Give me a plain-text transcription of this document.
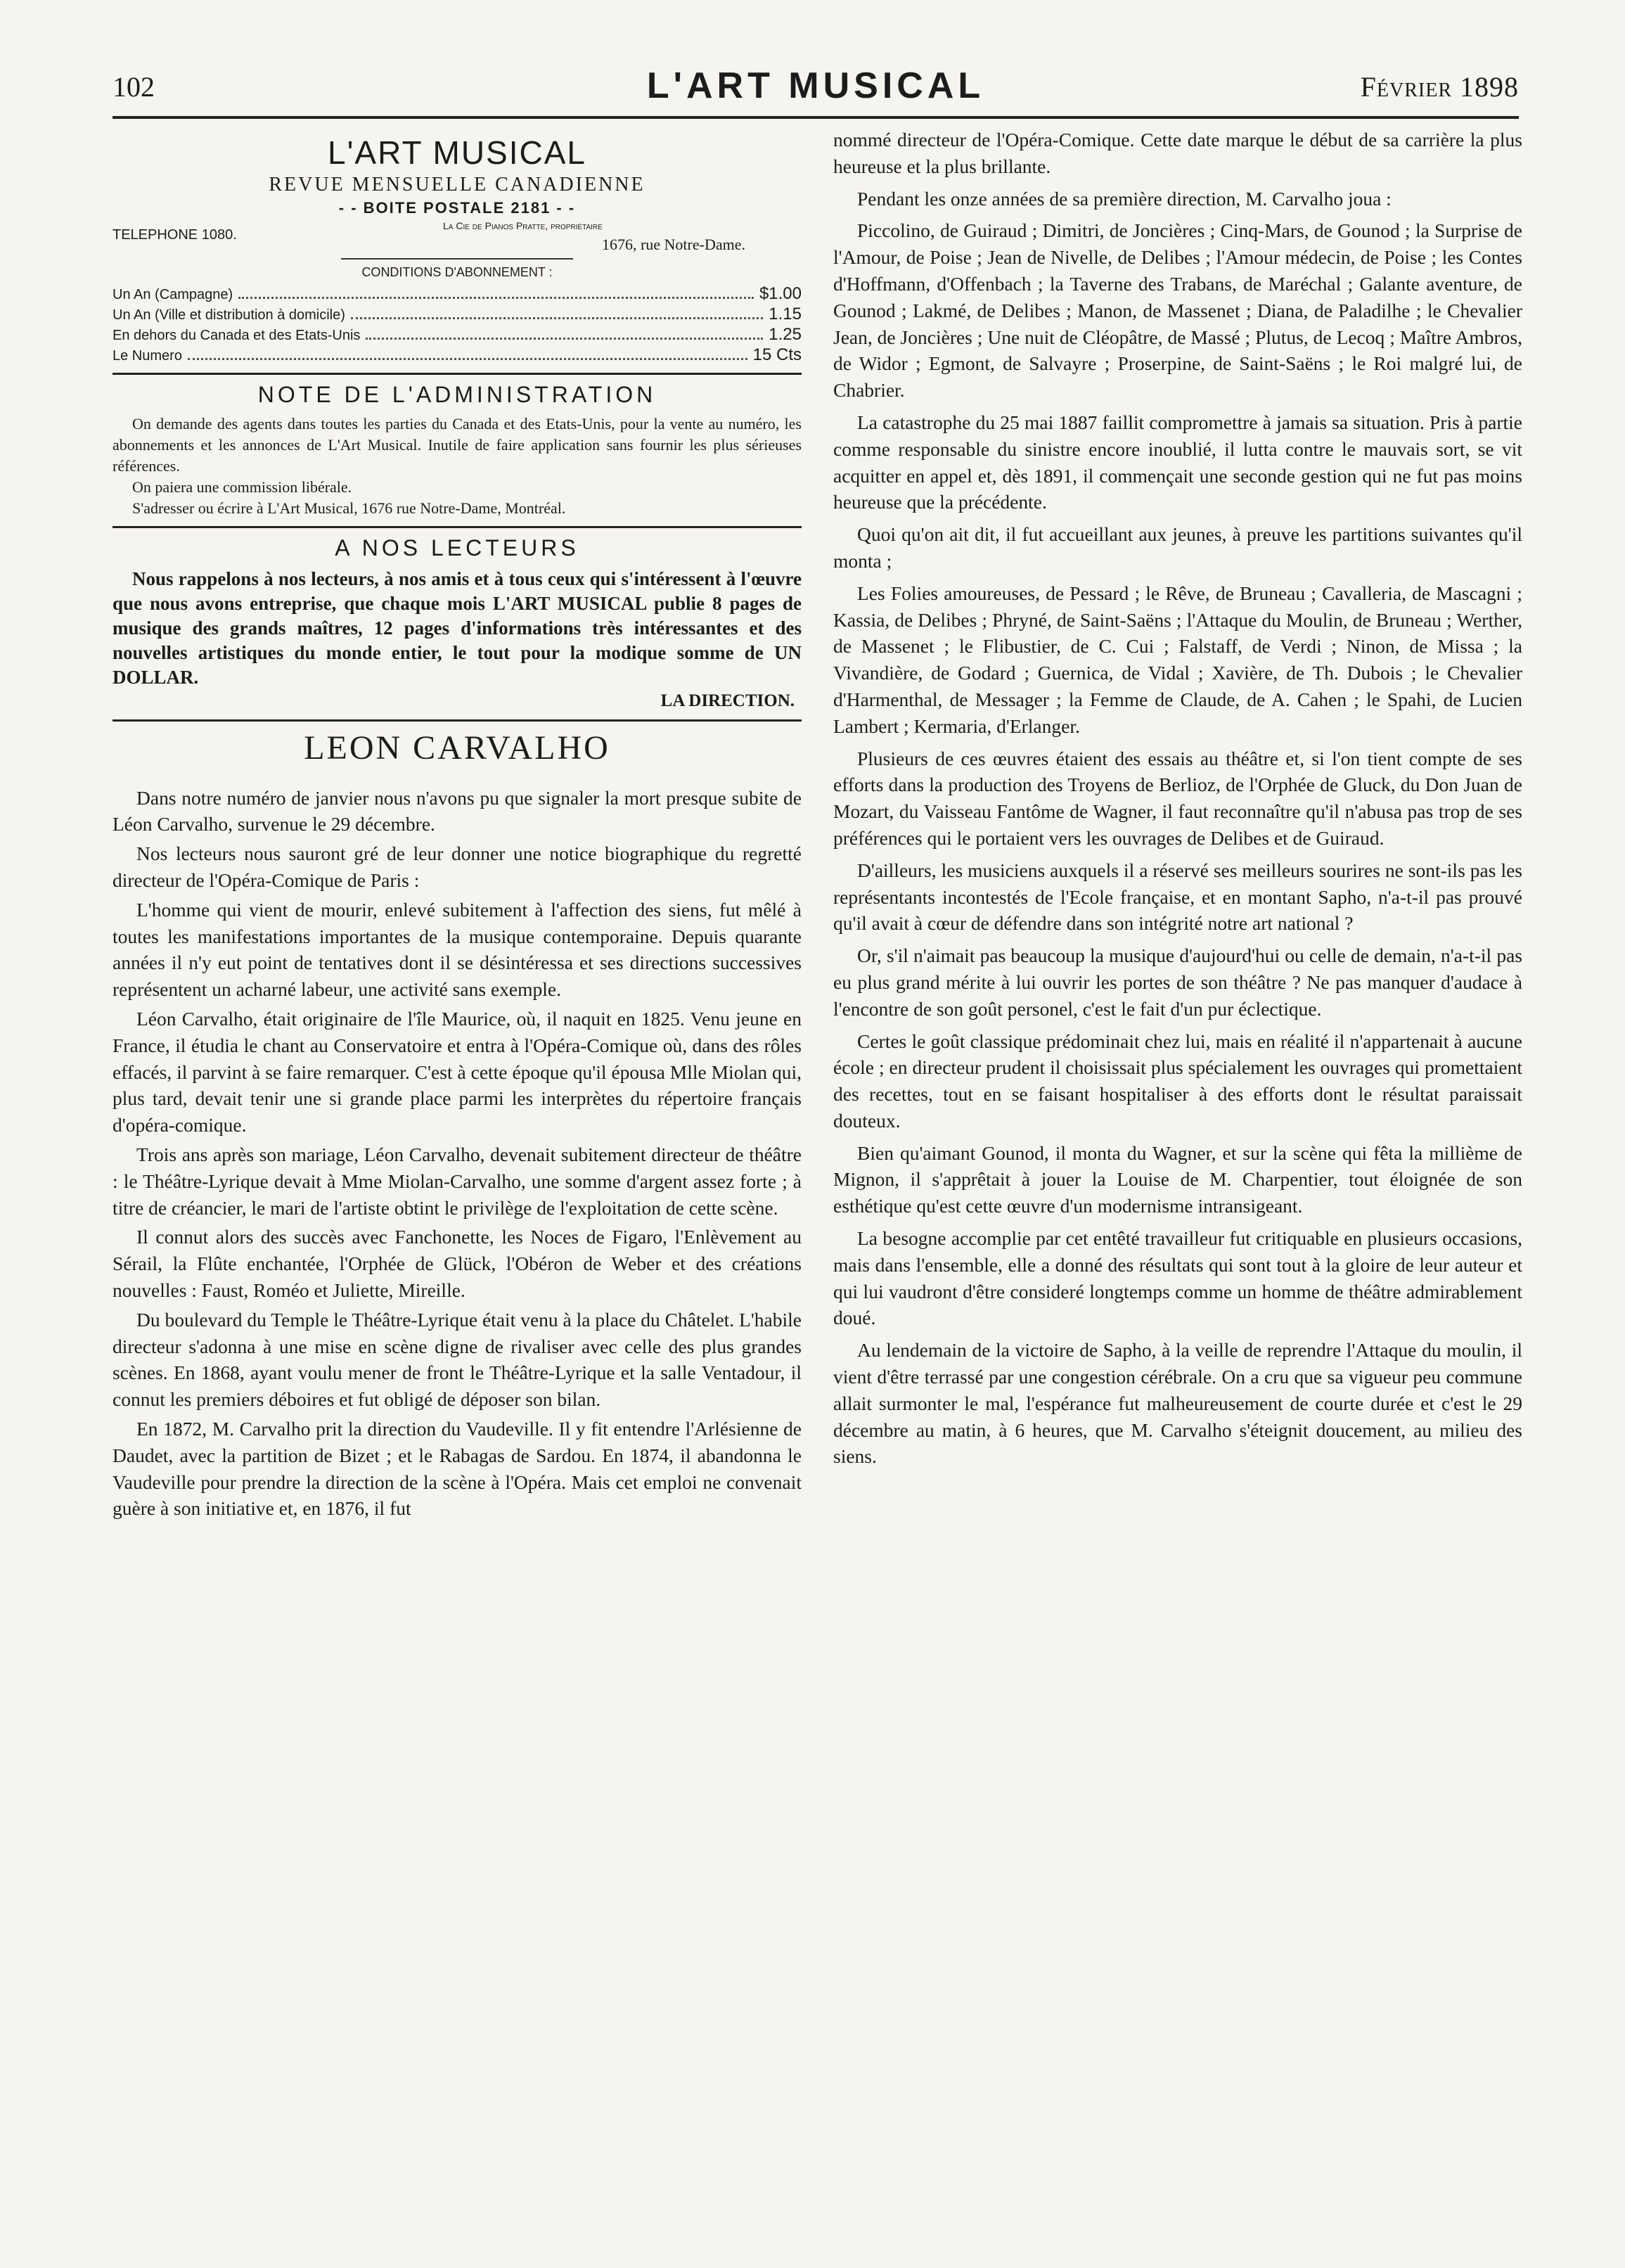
102	L'ART MUSICAL	Février 1898
L'ART MUSICAL
REVUE MENSUELLE CANADIENNE
- - BOITE POSTALE 2181 - -
TELEPHONE 1080.
La Cie de Pianos Pratte, propriétaire
1676, rue Notre-Dame.
CONDITIONS D'ABONNEMENT :
Un An (Campagne)	$1.00
Un An (Ville et distribution à domicile)	1.15
En dehors du Canada et des Etats-Unis	1.25
Le Numero	15 Cts
NOTE DE L'ADMINISTRATION

On demande des agents dans toutes les parties du Canada et des Etats-Unis, pour la vente au numéro, les abonnements et les annonces de L'Art Musical. Inutile de faire application sans fournir les plus sérieuses références.

On paiera une commission libérale.

S'adresser ou écrire à L'Art Musical, 1676 rue Notre-Dame, Montréal.

A NOS LECTEURS

Nous rappelons à nos lecteurs, à nos amis et à tous ceux qui s'intéressent à l'œuvre que nous avons entreprise, que chaque mois L'ART MUSICAL publie 8 pages de musique des grands maîtres, 12 pages d'informations très intéressantes et des nouvelles artistiques du monde entier, le tout pour la modique somme de UN DOLLAR.

LA DIRECTION.

LEON CARVALHO

Dans notre numéro de janvier nous n'avons pu que signaler la mort presque subite de Léon Carvalho, survenue le 29 décembre.

Nos lecteurs nous sauront gré de leur donner une notice biographique du regretté directeur de l'Opéra-Comique de Paris :

L'homme qui vient de mourir, enlevé subitement à l'affection des siens, fut mêlé à toutes les manifestations importantes de la musique contemporaine. Depuis quarante années il n'y eut point de tentatives dont il se désintéressa et ses directions successives représentent un acharné labeur, une activité sans exemple.

Léon Carvalho, était originaire de l'île Maurice, où, il naquit en 1825. Venu jeune en France, il étudia le chant au Conservatoire et entra à l'Opéra-Comique où, dans des rôles effacés, il parvint à se faire remarquer. C'est à cette époque qu'il épousa Mlle Miolan qui, plus tard, devait tenir une si grande place parmi les interprètes du répertoire français d'opéra-comique.

Trois ans après son mariage, Léon Carvalho, devenait subitement directeur de théâtre : le Théâtre-Lyrique devait à Mme Miolan-Carvalho, une somme d'argent assez forte ; à titre de créancier, le mari de l'artiste obtint le privilège de l'exploitation de cette scène.

Il connut alors des succès avec Fanchonette, les Noces de Figaro, l'Enlèvement au Sérail, la Flûte enchantée, l'Orphée de Glück, l'Obéron de Weber et des créations nouvelles : Faust, Roméo et Juliette, Mireille.

Du boulevard du Temple le Théâtre-Lyrique était venu à la place du Châtelet. L'habile directeur s'adonna à une mise en scène digne de rivaliser avec celle des plus grandes scènes. En 1868, ayant voulu mener de front le Théâtre-Lyrique et la salle Ventadour, il connut les premiers déboires et fut obligé de déposer son bilan.

En 1872, M. Carvalho prit la direction du Vaudeville. Il y fit entendre l'Arlésienne de Daudet, avec la partition de Bizet ; et le Rabagas de Sardou. En 1874, il abandonna le Vaudeville pour prendre la direction de la scène à l'Opéra. Mais cet emploi ne convenait guère à son initiative et, en 1876, il fut

nommé directeur de l'Opéra-Comique. Cette date marque le début de sa carrière la plus heureuse et la plus brillante.

Pendant les onze années de sa première direction, M. Carvalho joua :

Piccolino, de Guiraud ; Dimitri, de Joncières ; Cinq-Mars, de Gounod ; la Surprise de l'Amour, de Poise ; Jean de Nivelle, de Delibes ; l'Amour médecin, de Poise ; les Contes d'Hoffmann, d'Offenbach ; la Taverne des Trabans, de Maréchal ; Galante aventure, de Gounod ; Lakmé, de Delibes ; Manon, de Massenet ; Diana, de Paladilhe ; le Chevalier Jean, de Joncières ; Une nuit de Cléopâtre, de Massé ; Plutus, de Lecoq ; Maître Ambros, de Widor ; Egmont, de Salvayre ; Proserpine, de Saint-Saëns ; le Roi malgré lui, de Chabrier.

La catastrophe du 25 mai 1887 faillit compromettre à jamais sa situation. Pris à partie comme responsable du sinistre encore inoublié, il lutta contre le mauvais sort, se vit acquitter en appel et, dès 1891, il commençait une seconde gestion qui ne fut pas moins heureuse que la précédente.

Quoi qu'on ait dit, il fut accueillant aux jeunes, à preuve les partitions suivantes qu'il monta ;

Les Folies amoureuses, de Pessard ; le Rêve, de Bruneau ; Cavalleria, de Mascagni ; Kassia, de Delibes ; Phryné, de Saint-Saëns ; l'Attaque du Moulin, de Bruneau ; Werther, de Massenet ; le Flibustier, de C. Cui ; Falstaff, de Verdi ; Ninon, de Missa ; la Vivandière, de Godard ; Guernica, de Vidal ; Xavière, de Th. Dubois ; le Chevalier d'Harmenthal, de Messager ; la Femme de Claude, de A. Cahen ; le Spahi, de Lucien Lambert ; Kermaria, d'Erlanger.

Plusieurs de ces œuvres étaient des essais au théâtre et, si l'on tient compte de ses efforts dans la production des Troyens de Berlioz, de l'Orphée de Gluck, du Don Juan de Mozart, du Vaisseau Fantôme de Wagner, il faut reconnaître qu'il n'abusa pas trop de ses préférences qui le portaient vers les ouvrages de Delibes et de Guiraud.

D'ailleurs, les musiciens auxquels il a réservé ses meilleurs sourires ne sont-ils pas les représentants incontestés de l'Ecole française, et en montant Sapho, n'a-t-il pas prouvé qu'il avait à cœur de défendre dans son intégrité notre art national ?

Or, s'il n'aimait pas beaucoup la musique d'aujourd'hui ou celle de demain, n'a-t-il pas eu plus grand mérite à lui ouvrir les portes de son théâtre ? Ne pas manquer d'audace à l'encontre de son goût personel, c'est le fait d'un pur éclectique.

Certes le goût classique prédominait chez lui, mais en réalité il n'appartenait à aucune école ; en directeur prudent il choisissait plus spécialement les ouvrages qui promettaient des recettes, tout en se faisant hospitaliser à des efforts dont le résultat paraissait douteux.

Bien qu'aimant Gounod, il monta du Wagner, et sur la scène qui fêta la millième de Mignon, il s'apprêtait à jouer la Louise de M. Charpentier, tout éloignée de son esthétique qu'est cette œuvre d'un modernisme intransigeant.

La besogne accomplie par cet entêté travailleur fut critiquable en plusieurs occasions, mais dans l'ensemble, elle a donné des résultats qui sont tout à la gloire de leur auteur et qui lui vaudront d'être consideré longtemps comme un homme de théâtre admirablement doué.

Au lendemain de la victoire de Sapho, à la veille de reprendre l'Attaque du moulin, il vient d'être terrassé par une congestion cérébrale. On a cru que sa vigueur peu commune allait surmonter le mal, l'espérance fut malheureusement de courte durée et c'est le 29 décembre au matin, à 6 heures, que M. Carvalho s'éteignit doucement, au milieu des siens.
